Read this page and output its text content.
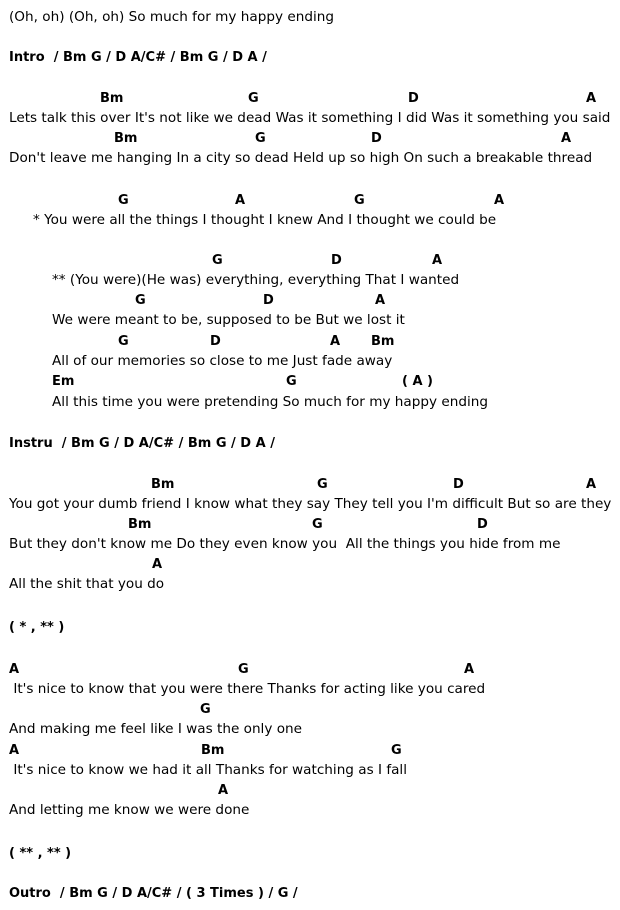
(Oh, oh) (Oh, oh) So much for my happy ending
Intro  / Bm G / D A/C# / Bm G / D A /

Bm

	G

	D

	A

Lets talk this over It's not like we dead Was it something I did Was it something you said

Bm

	G

	D

	A

Don't leave me hanging In a city so dead Held up so high On such a breakable thread

G

	A

	G

	A

* You were all the things I thought I knew And I thought we could be

G

	D

	A

** (You were)(He was) everything, everything That I wanted

G

	D

	A

We were meant to be, supposed to be But we lost it

G

	D

	A

Bm

All of our memories so close to me Just fade away

Em

	G

	( A )

All this time you were pretending So much for my happy ending
Instru  / Bm G / D A/C# / Bm G / D A /

Bm

	G

	D

	A

You got your dumb friend I know what they say They tell you I'm difficult But so are they

Bm

	G

	D

But they don't know me Do they even know you  All the things you hide from me

A

All the shit that you do
( * , ** )

A

	G

	A

It's nice to know that you were there Thanks for acting like you cared

G

And making me feel like I was the only one

A

	Bm

	G

It's nice to know we had it all Thanks for watching as I fall

A

And letting me know we were done
( ** , ** )
Outro  / Bm G / D A/C# / ( 3 Times ) / G /
